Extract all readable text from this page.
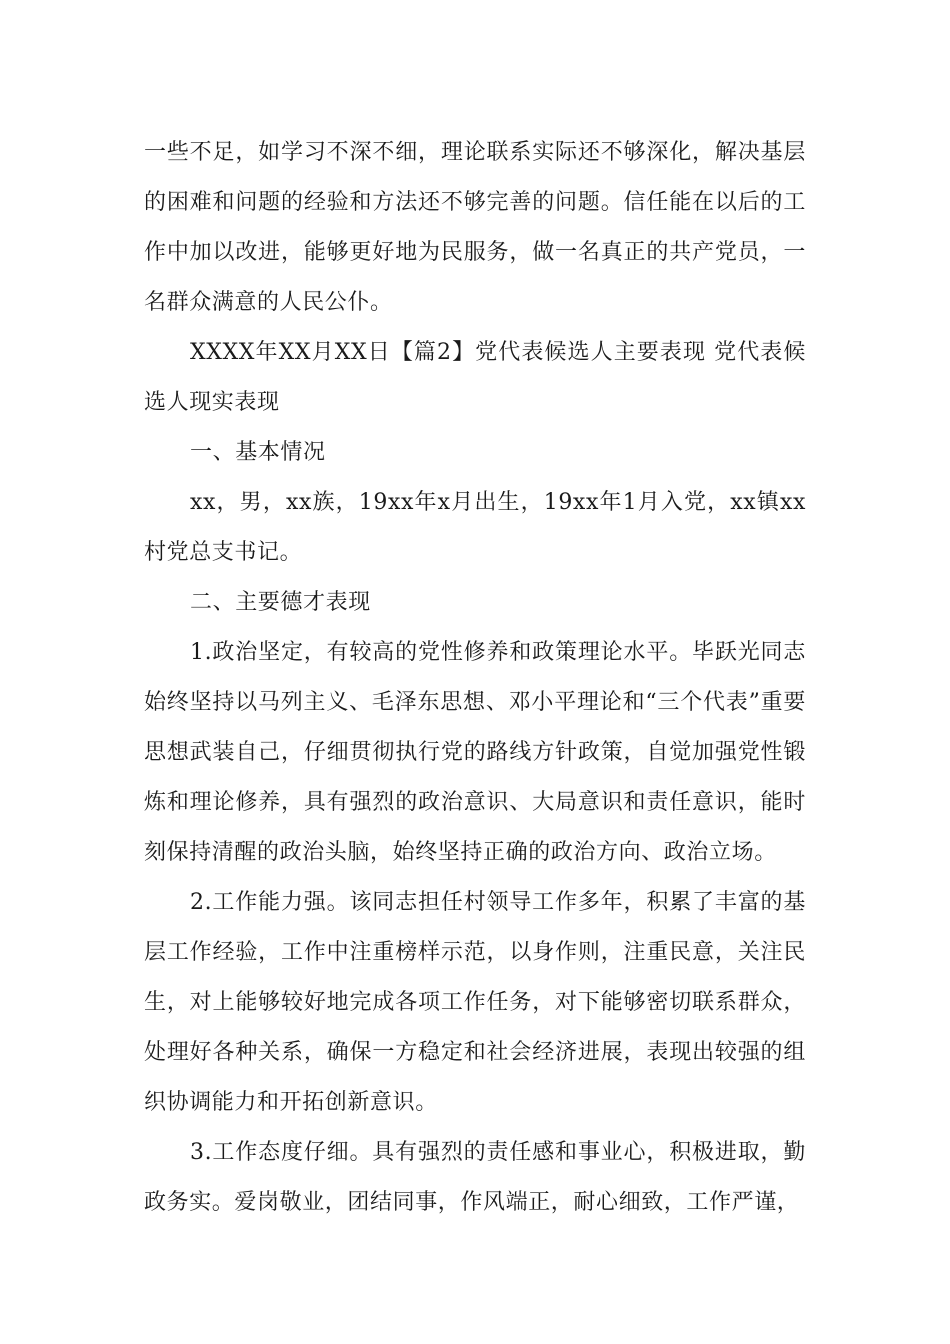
一些不足，如学习不深不细，理论联系实际还不够深化，解决基层的困难和问题的经验和方法还不够完善的问题。信任能在以后的工作中加以改进，能够更好地为民服务，做一名真正的共产党员，一名群众满意的人民公仆。

XXXX年XX月XX日【篇2】党代表候选人主要表现 党代表候选人现实表现

一、基本情况

xx，男，xx族，19xx年x月出生，19xx年1月入党，xx镇xx村党总支书记。

二、主要德才表现

1.政治坚定，有较高的党性修养和政策理论水平。毕跃光同志始终坚持以马列主义、毛泽东思想、邓小平理论和“三个代表”重要思想武装自己，仔细贯彻执行党的路线方针政策，自觉加强党性锻炼和理论修养，具有强烈的政治意识、大局意识和责任意识，能时刻保持清醒的政治头脑，始终坚持正确的政治方向、政治立场。

2.工作能力强。该同志担任村领导工作多年，积累了丰富的基层工作经验，工作中注重榜样示范，以身作则，注重民意，关注民生，对上能够较好地完成各项工作任务，对下能够密切联系群众，处理好各种关系，确保一方稳定和社会经济进展，表现出较强的组织协调能力和开拓创新意识。

3.工作态度仔细。具有强烈的责任感和事业心，积极进取，勤政务实。爱岗敬业，团结同事，作风端正，耐心细致，工作严谨，
